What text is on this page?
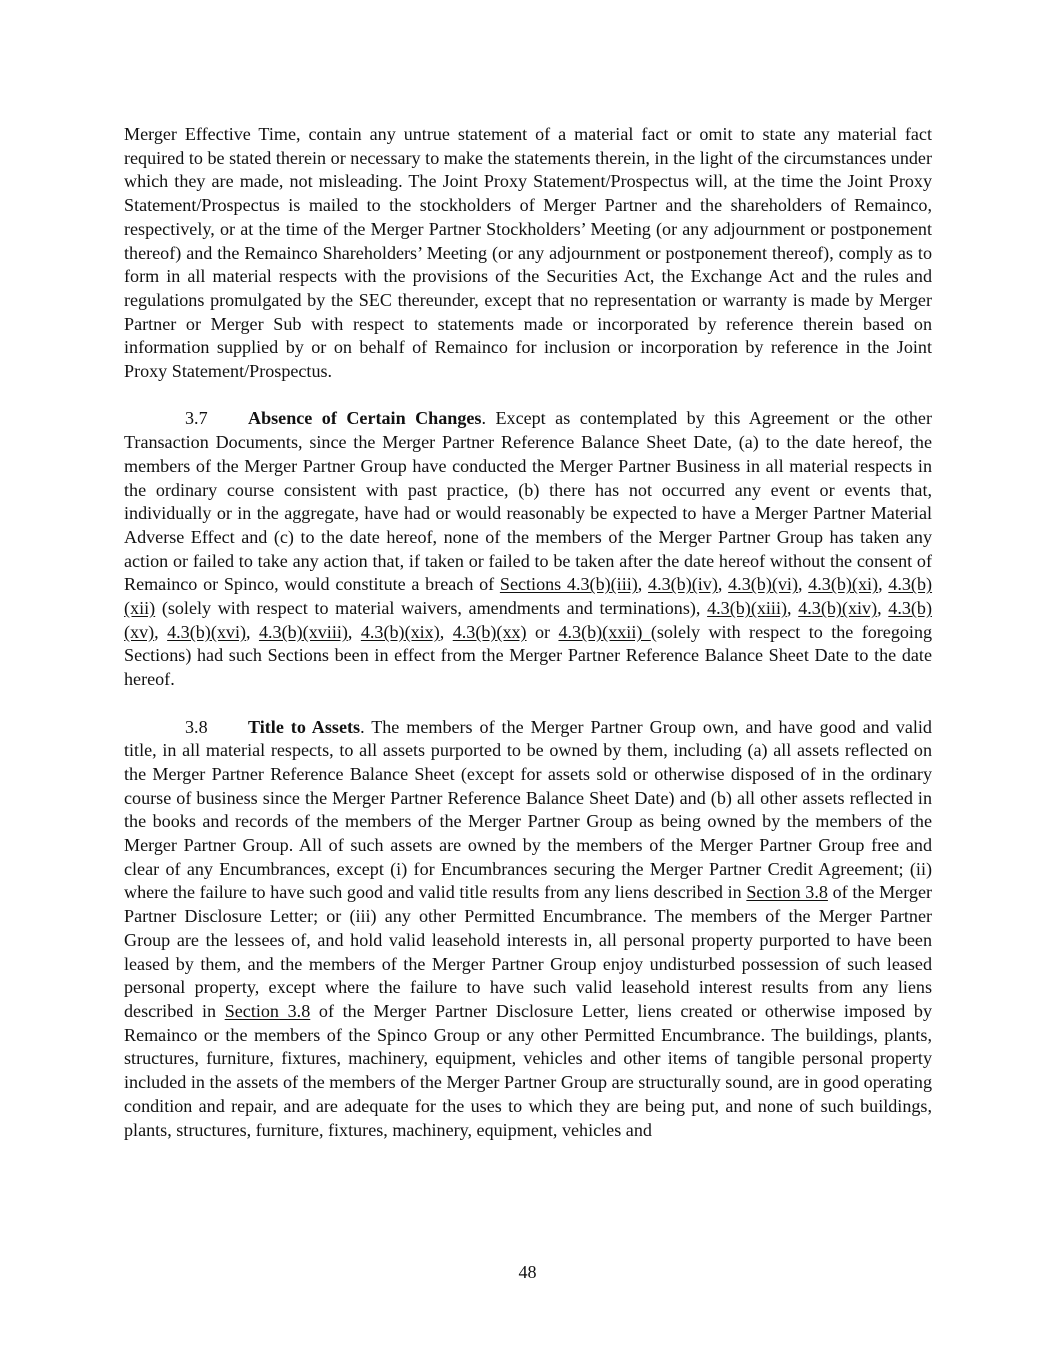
Merger Effective Time, contain any untrue statement of a material fact or omit to state any material fact required to be stated therein or necessary to make the statements therein, in the light of the circumstances under which they are made, not misleading. The Joint Proxy Statement/Prospectus will, at the time the Joint Proxy Statement/Prospectus is mailed to the stockholders of Merger Partner and the shareholders of Remainco, respectively, or at the time of the Merger Partner Stockholders’ Meeting (or any adjournment or postponement thereof) and the Remainco Shareholders’ Meeting (or any adjournment or postponement thereof), comply as to form in all material respects with the provisions of the Securities Act, the Exchange Act and the rules and regulations promulgated by the SEC thereunder, except that no representation or warranty is made by Merger Partner or Merger Sub with respect to statements made or incorporated by reference therein based on information supplied by or on behalf of Remainco for inclusion or incorporation by reference in the Joint Proxy Statement/Prospectus.

3.7 Absence of Certain Changes. Except as contemplated by this Agreement or the other Transaction Documents, since the Merger Partner Reference Balance Sheet Date, (a) to the date hereof, the members of the Merger Partner Group have conducted the Merger Partner Business in all material respects in the ordinary course consistent with past practice, (b) there has not occurred any event or events that, individually or in the aggregate, have had or would reasonably be expected to have a Merger Partner Material Adverse Effect and (c) to the date hereof, none of the members of the Merger Partner Group has taken any action or failed to take any action that, if taken or failed to be taken after the date hereof without the consent of Remainco or Spinco, would constitute a breach of Sections 4.3(b)(iii), 4.3(b)(iv), 4.3(b)(vi), 4.3(b)(xi), 4.3(b)(xii) (solely with respect to material waivers, amendments and terminations), 4.3(b)(xiii), 4.3(b)(xiv), 4.3(b)(xv), 4.3(b)(xvi), 4.3(b)(xviii), 4.3(b)(xix), 4.3(b)(xx) or 4.3(b)(xxii) (solely with respect to the foregoing Sections) had such Sections been in effect from the Merger Partner Reference Balance Sheet Date to the date hereof.

3.8 Title to Assets. The members of the Merger Partner Group own, and have good and valid title, in all material respects, to all assets purported to be owned by them, including (a) all assets reflected on the Merger Partner Reference Balance Sheet (except for assets sold or otherwise disposed of in the ordinary course of business since the Merger Partner Reference Balance Sheet Date) and (b) all other assets reflected in the books and records of the members of the Merger Partner Group as being owned by the members of the Merger Partner Group. All of such assets are owned by the members of the Merger Partner Group free and clear of any Encumbrances, except (i) for Encumbrances securing the Merger Partner Credit Agreement; (ii) where the failure to have such good and valid title results from any liens described in Section 3.8 of the Merger Partner Disclosure Letter; or (iii) any other Permitted Encumbrance. The members of the Merger Partner Group are the lessees of, and hold valid leasehold interests in, all personal property purported to have been leased by them, and the members of the Merger Partner Group enjoy undisturbed possession of such leased personal property, except where the failure to have such valid leasehold interest results from any liens described in Section 3.8 of the Merger Partner Disclosure Letter, liens created or otherwise imposed by Remainco or the members of the Spinco Group or any other Permitted Encumbrance. The buildings, plants, structures, furniture, fixtures, machinery, equipment, vehicles and other items of tangible personal property included in the assets of the members of the Merger Partner Group are structurally sound, are in good operating condition and repair, and are adequate for the uses to which they are being put, and none of such buildings, plants, structures, furniture, fixtures, machinery, equipment, vehicles and

48
